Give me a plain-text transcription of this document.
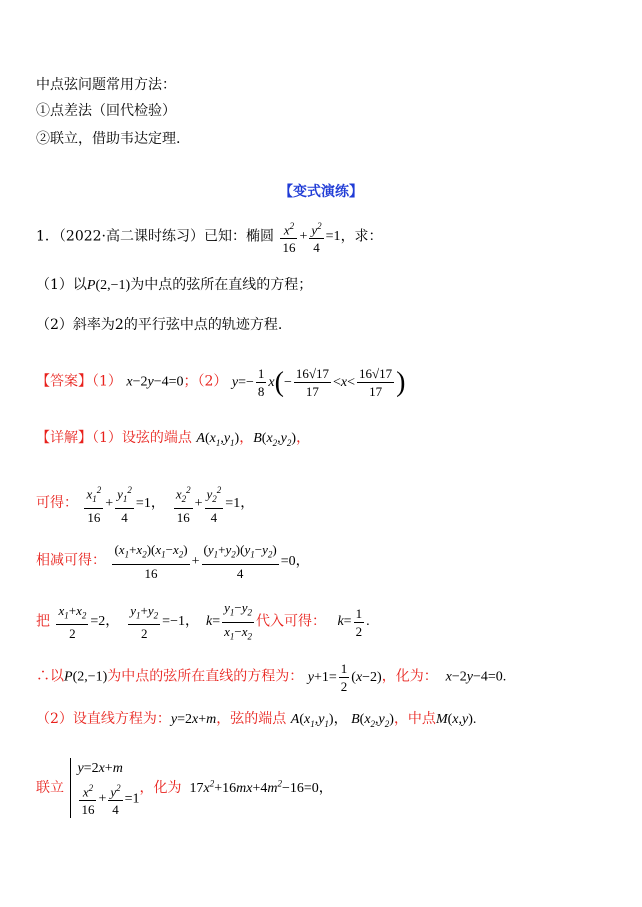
中点弦问题常用方法：
①点差法（回代检验）
②联立，借助韦达定理.
【变式演练】
1．（2022·高二课时练习）已知：椭圆 $\frac{x^2}{16} + \frac{y^2}{4} =1$，求：
（1）以P(2,−1)为中点的弦所在直线的方程；
（2）斜率为2的平行弦中点的轨迹方程.
【答案】（1） x−2y−4=0；（2） $y=- \frac{1}{8} x(- \frac{16√17}{17} <x< \frac{16√17}{17}$ )
【详解】（1）设弦的端点 $A(x_1,y_1)$，$B(x_2,y_2)$，
可得： $\frac{x_1^2}{16} + \frac{y_1^2}{4} =1$， $\frac{x_2^2}{16} + \frac{y_2^2}{4} =1$，
相减可得： $\frac{(x_1+x_2)(x_1-x_2)}{16} + \frac{(y_1+y_2)(y_1-y_2)}{4} =0$，
把 $\frac{x_1+x_2}{2} =2$， $\frac{y_1+y_2}{2} =-1$，  $k= \frac{y_1-y_2}{x_1-x_2}$ 代入可得：   $k= \frac{1}{2}$ .
∴以P(2,−1)为中点的弦所在直线的方程为： $y+1= \frac{1}{2} (x-2)$，化为：  x−2y−4=0.
（2）设直线方程为：y=2x+m，弦的端点 $A(x_1,y_1)$， $B(x_2,y_2)$，中点M(x,y).
联立
y=2x+m
$\frac{x^2}{16} + \frac{y^2}{4} =1$
，化为 $17x^2+16mx+4m^2-16=0$，
